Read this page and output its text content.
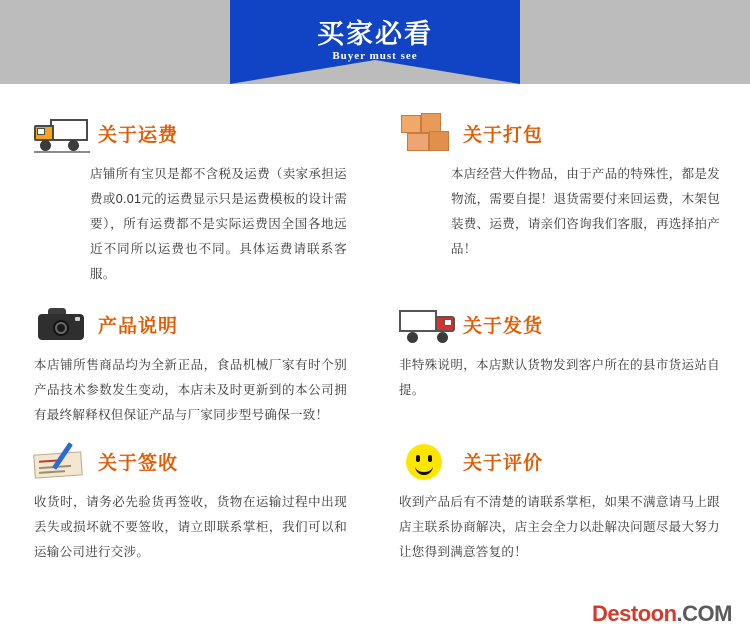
买家必看
Buyer must see
关于运费
店铺所有宝贝是都不含税及运费（卖家承担运费或0.01元的运费显示只是运费模板的设计需要），所有运费都不是实际运费因全国各地远近不同所以运费也不同。具体运费请联系客服。
关于打包
本店经营大件物品，由于产品的特殊性，都是发物流，需要自提！退货需要付来回运费，木架包装费、运费，请亲们咨询我们客服，再选择拍产品！
产品说明
本店铺所售商品均为全新正品，食品机械厂家有时个别产品技术参数发生变动，本店未及时更新到的本公司拥有最终解释权但保证产品与厂家同步型号确保一致！
关于发货
非特殊说明，本店默认货物发到客户所在的县市货运站自提。
关于签收
收货时，请务必先验货再签收，货物在运输过程中出现丢失或损坏就不要签收，请立即联系掌柜，我们可以和运输公司进行交涉。
关于评价
收到产品后有不清楚的请联系掌柜，如果不满意请马上跟店主联系协商解决，店主会全力以赴解决问题尽最大努力让您得到满意答复的！
Destoon .COM
